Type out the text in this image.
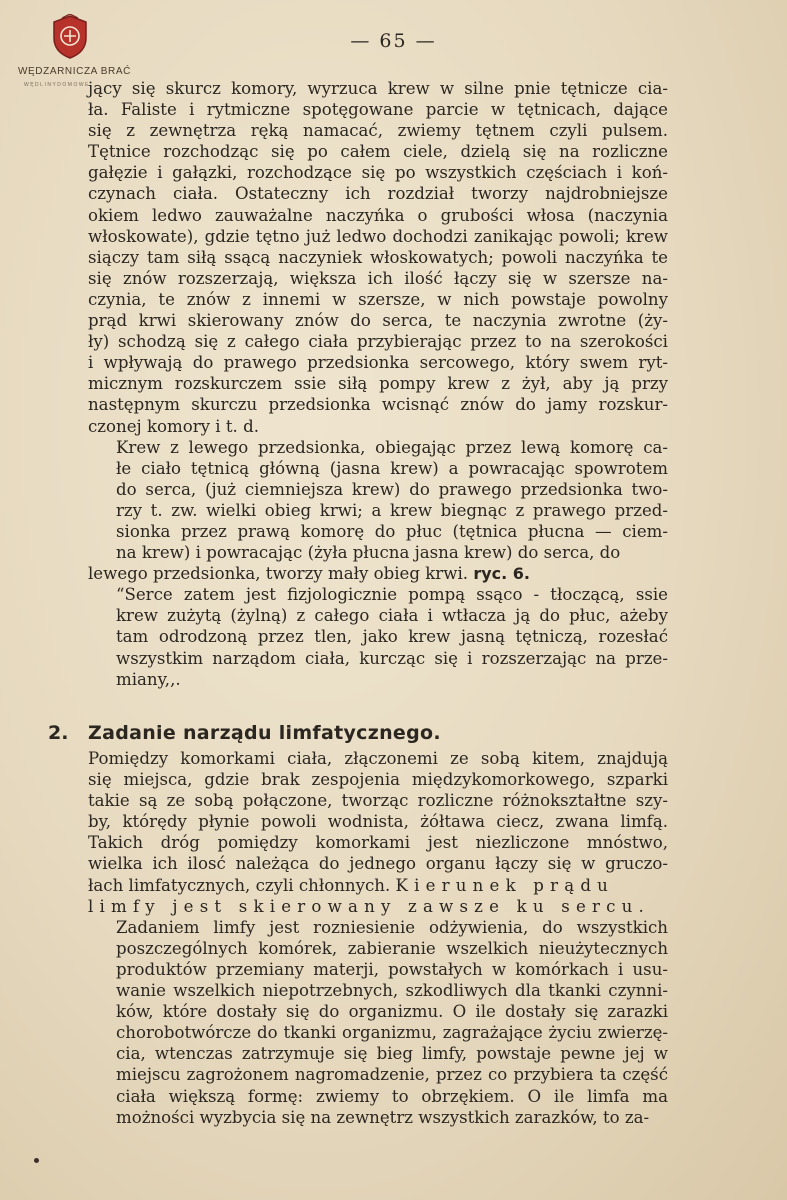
WĘDZARNICZA BRAĆ
WĘDLINYDOMOWE
— 65 —

jący się skurcz komory, wyrzuca krew w silne pnie tętnicze cia-
ła. Faliste i rytmiczne spotęgowane parcie w tętnicach, dające
się z zewnętrza ręką namacać, zwiemy tętnem czyli pulsem.
Tętnice rozchodząc się po całem ciele, dzielą się na rozliczne
gałęzie i gałązki, rozchodzące się po wszystkich częściach i koń-
czynach ciała. Ostateczny ich rozdział tworzy najdrobniejsze
okiem ledwo zauważalne naczyńka o grubości włosa (naczynia
włoskowate), gdzie tętno już ledwo dochodzi zanikając powoli; krew
siączy tam siłą ssącą naczyniek włoskowatych; powoli naczyńka te
się znów rozszerzają, większa ich ilość łączy się w szersze na-
czynia, te znów z innemi w szersze, w nich powstaje powolny
prąd krwi skierowany znów do serca, te naczynia zwrotne (ży-
ły) schodzą się z całego ciała przybierając przez to na szerokości
i wpływają do prawego przedsionka sercowego, który swem ryt-
micznym rozskurczem ssie siłą pompy krew z żył, aby ją przy
następnym skurczu przedsionka wcisnąć znów do jamy rozskur-
czonej komory i t. d.

Krew z lewego przedsionka, obiegając przez lewą komorę ca-
łe ciało tętnicą główną (jasna krew) a powracając spowrotem
do serca, (już ciemniejsza krew) do prawego przedsionka two-
rzy t. zw. wielki obieg krwi; a krew biegnąc z prawego przed-
sionka przez prawą komorę do płuc (tętnica płucna — ciem-
na krew) i powracając (żyła płucna jasna krew) do serca, do
lewego przedsionka, tworzy mały obieg krwi. ryc. 6.

“Serce zatem jest fizjologicznie pompą ssąco - tłoczącą, ssie
krew zużytą (żylną) z całego ciała i wtłacza ją do płuc, ażeby
tam odrodzoną przez tlen, jako krew jasną tętniczą, rozesłać
wszystkim narządom ciała, kurcząc się i rozszerzając na prze-
miany,,.

2. Zadanie narządu limfatycznego.

Pomiędzy komorkami ciała, złączonemi ze sobą kitem, znajdują
się miejsca, gdzie brak zespojenia międzykomorkowego, szparki
takie są ze sobą połączone, tworząc rozliczne różnokształtne szy-
by, którędy płynie powoli wodnista, żółtawa ciecz, zwana limfą.
Takich dróg pomiędzy komorkami jest niezliczone mnóstwo,
wielka ich ilosć należąca do jednego organu łączy się w gruczo-
łach limfatycznych, czyli chłonnych. Kierunek prądu
limfy jest skierowany zawsze ku sercu.

Zadaniem limfy jest rozniesienie odżywienia, do wszystkich
poszczególnych komórek, zabieranie wszelkich nieużytecznych
produktów przemiany materji, powstałych w komórkach i usu-
wanie wszelkich niepotrzebnych, szkodliwych dla tkanki czynni-
ków, które dostały się do organizmu. O ile dostały się zarazki
chorobotwórcze do tkanki organizmu, zagrażające życiu zwierzę-
cia, wtenczas zatrzymuje się bieg limfy, powstaje pewne jej w
miejscu zagrożonem nagromadzenie, przez co przybiera ta część
ciała większą formę: zwiemy to obrzękiem. O ile limfa ma
możności wyzbycia się na zewnętrz wszystkich zarazków, to za-
